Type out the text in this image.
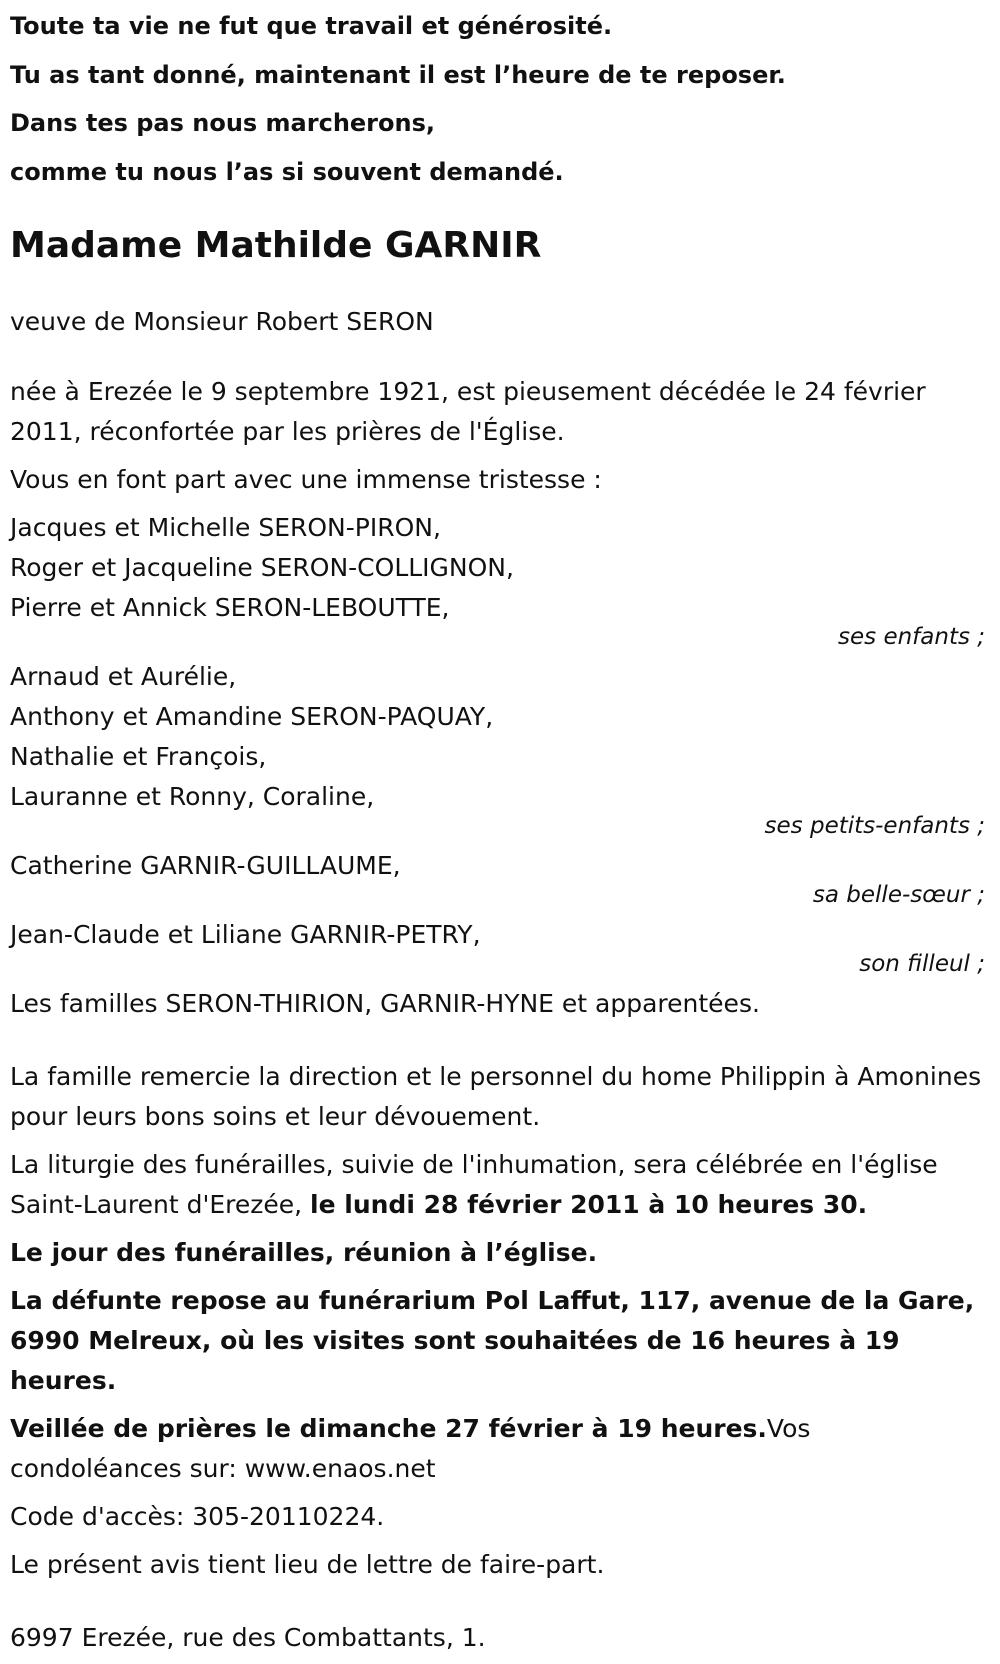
Toute ta vie ne fut que travail et générosité.

Tu as tant donné, maintenant il est l’heure de te reposer.

Dans tes pas nous marcherons,

comme tu nous l’as si souvent demandé.

Madame Mathilde GARNIR

veuve de Monsieur Robert SERON

née à Erezée le 9 septembre 1921, est pieusement décédée le 24 février 2011, réconfortée par les prières de l'Église.

Vous en font part avec une immense tristesse :

Jacques et Michelle SERON-PIRON,
Roger et Jacqueline SERON-COLLIGNON,
Pierre et Annick SERON-LEBOUTTE,
ses enfants ;
Arnaud et Aurélie,
Anthony et Amandine SERON-PAQUAY,
Nathalie et François,
Lauranne et Ronny, Coraline,
ses petits-enfants ;
Catherine GARNIR-GUILLAUME,
sa belle-sœur ;
Jean-Claude et Liliane GARNIR-PETRY,
son filleul ;

Les familles SERON-THIRION, GARNIR-HYNE et apparentées.

La famille remercie la direction et le personnel du home Philippin à Amonines pour leurs bons soins et leur dévouement.

La liturgie des funérailles, suivie de l'inhumation, sera célébrée en l'église Saint-Laurent d'Erezée, le lundi 28 février 2011 à 10 heures 30.

Le jour des funérailles, réunion à l’église.

La défunte repose au funérarium Pol Laffut, 117, avenue de la Gare, 6990 Melreux, où les visites sont souhaitées de 16 heures à 19 heures.

Veillée de prières le dimanche 27 février à 19 heures.Vos condoléances sur: www.enaos.net

Code d'accès: 305-20110224.

Le présent avis tient lieu de lettre de faire-part.

6997 Erezée, rue des Combattants, 1.
